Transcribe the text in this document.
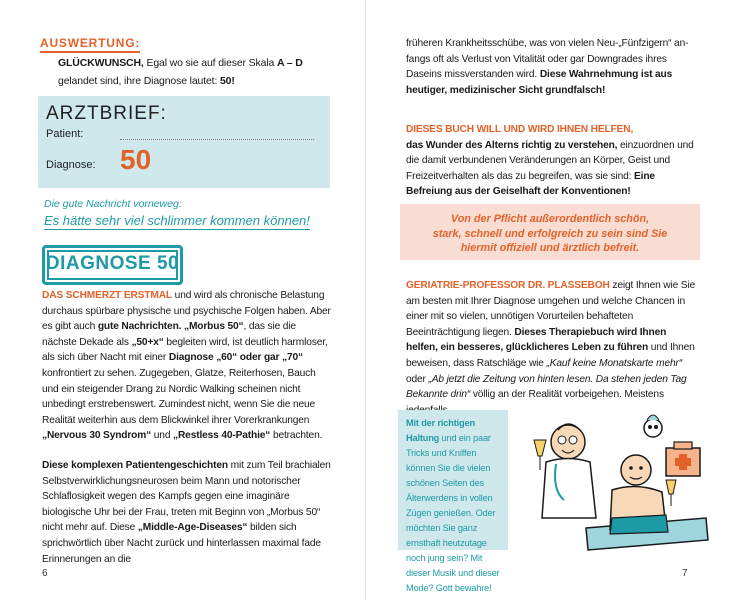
AUSWERTUNG:
GLÜCKWUNSCH, Egal wo sie auf dieser Skala A – D
gelandet sind, ihre Diagnose lautet: 50!
ARZTBRIEF:
Patient:
Diagnose: 50
Die gute Nachricht vorneweg:
Es hätte sehr viel schlimmer kommen können!
DIAGNOSE 50
DAS SCHMERZT ERSTMAL und wird als chronische Belastung durchaus spürbare physische und psychische Folgen haben. Aber es gibt auch gute Nachrichten. „Morbus 50“, das sie die nächste Dekade als „50+x“ begleiten wird, ist deutlich harmloser, als sich über Nacht mit einer Diagnose „60“ oder gar „70“ konfrontiert zu sehen. Zugegeben, Glatze, Reiterhosen, Bauch und ein steigender Drang zu Nordic Walking scheinen nicht unbedingt erstrebenswert. Zumindest nicht, wenn Sie die neue Realität weiterhin aus dem Blickwinkel ihrer Vorerkrankungen „Nervous 30 Syndrom“ und „Restless 40-Pathie“ betrachten.
Diese komplexen Patientengeschichten mit zum Teil brachialen Selbstverwirklichungsneurosen beim Mann und notorischer Schlaflosigkeit wegen des Kampfs gegen eine imaginäre biologische Uhr bei der Frau, treten mit Beginn von „Morbus 50“ nicht mehr auf. Diese „Middle-Age-Diseases“ bilden sich sprichwörtlich über Nacht zurück und hinterlassen maximal fade Erinnerungen an die
6
früheren Krankheitsschübe, was von vielen Neu-„Fünfzigern“ anfangs oft als Verlust von Vitalität oder gar Downgrades ihres Daseins missverstanden wird. Diese Wahrnehmung ist aus heutiger, medizinischer Sicht grundfalsch!
DIESES BUCH WILL UND WIRD IHNEN HELFEN,
das Wunder des Alterns richtig zu verstehen, einzuordnen und die damit verbundenen Veränderungen an Körper, Geist und Freizeitverhalten als das zu begreifen, was sie sind: Eine Befreiung aus der Geiselhaft der Konventionen!
Von der Pflicht außerordentlich schön,
stark, schnell und erfolgreich zu sein sind Sie
hiermit offiziell und ärztlich befreit.
GERIATRIE-PROFESSOR DR. PLASSEBOH zeigt Ihnen wie Sie am besten mit Ihrer Diagnose umgehen und welche Chancen in einer mit so vielen, unnötigen Vorurteilen behafteten Beeinträchtigung liegen. Dieses Therapiebuch wird Ihnen helfen, ein besseres, glücklicheres Leben zu führen und Ihnen beweisen, dass Ratschläge wie „Kauf keine Monatskarte mehr“ oder „Ab jetzt die Zeitung von hinten lesen. Da stehen jeden Tag Bekannte drin“ völlig an der Realität vorbeigehen. Meistens
Mit der richtigen Haltung und ein paar Tricks und Kniffen können Sie die vielen schönen Seiten des Älterwerdens in vollen Zügen genießen. Oder möchten Sie ganz ernsthaft heutzutage noch jung sein? Mit dieser Musik und dieser Mode? Gott bewahre!
7
